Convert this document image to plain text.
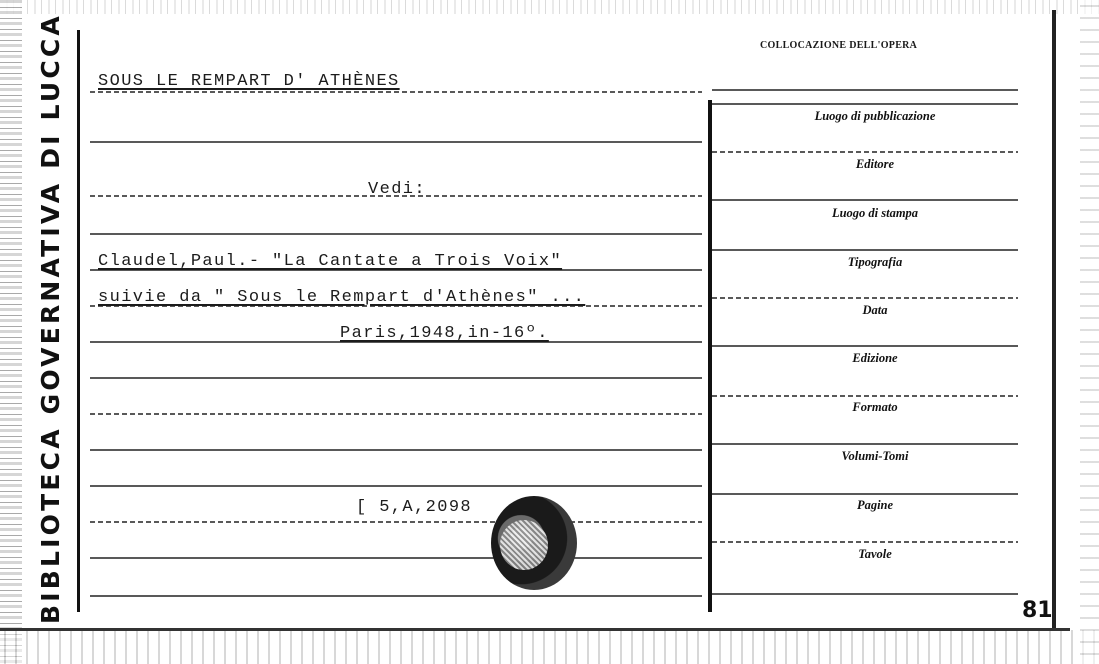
BIBLIOTECA GOVERNATIVA DI LUCCA SOUS LE REMPART D' ATHÈNES
Vedi:
Claudel,Paul.- "La Cantate a Trois Voix"
suivie da " Sous le Rempart d'Athènes" ...
Paris,1948,in-16º.
[ 5,A,2098
COLLOCAZIONE DELL'OPERA
Luogo di pubblicazione
Editore
Luogo di stampa
Tipografia
Data
Edizione
Formato
Volumi-Tomi
Pagine
Tavole
81
